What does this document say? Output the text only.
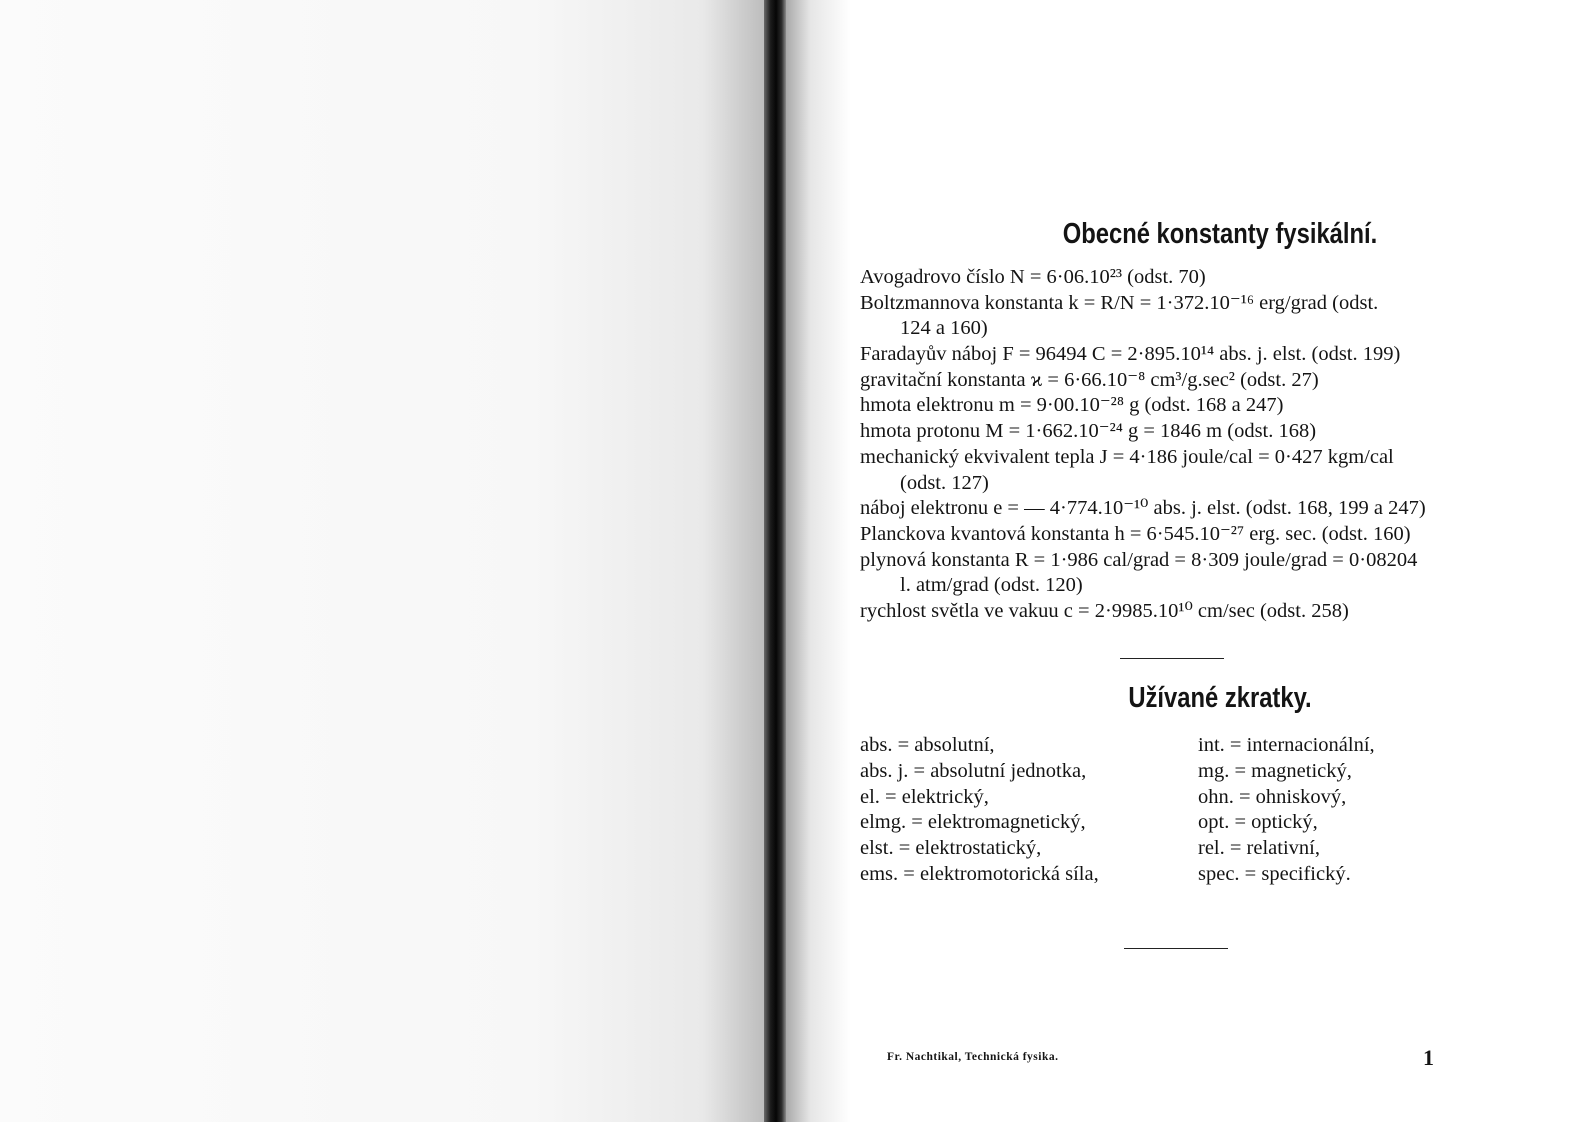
Obecné konstanty fysikální.
Avogadrovo číslo N = 6·06.10²³ (odst. 70)
Boltzmannova konstanta k = R/N = 1·372.10⁻¹⁶ erg/grad (odst.
124 a 160)
Faradayův náboj F = 96494 C = 2·895.10¹⁴ abs. j. elst. (odst. 199)
gravitační konstanta ϰ = 6·66.10⁻⁸ cm³/g.sec² (odst. 27)
hmota elektronu m = 9·00.10⁻²⁸ g (odst. 168 a 247)
hmota protonu M = 1·662.10⁻²⁴ g = 1846 m (odst. 168)
mechanický ekvivalent tepla J = 4·186 joule/cal = 0·427 kgm/cal
(odst. 127)
náboj elektronu e = — 4·774.10⁻¹⁰ abs. j. elst. (odst. 168, 199 a 247)
Planckova kvantová konstanta h = 6·545.10⁻²⁷ erg. sec. (odst. 160)
plynová konstanta R = 1·986 cal/grad = 8·309 joule/grad = 0·08204
l. atm/grad (odst. 120)
rychlost světla ve vakuu c = 2·9985.10¹⁰ cm/sec (odst. 258)
Užívané zkratky.
abs. = absolutní,
abs. j. = absolutní jednotka,
el. = elektrický,
elmg. = elektromagnetický,
elst. = elektrostatický,
ems. = elektromotorická síla,
int. = internacionální,
mg. = magnetický,
ohn. = ohniskový,
opt. = optický,
rel. = relativní,
spec. = specifický.
Fr. Nachtikal, Technická fysika.	1
